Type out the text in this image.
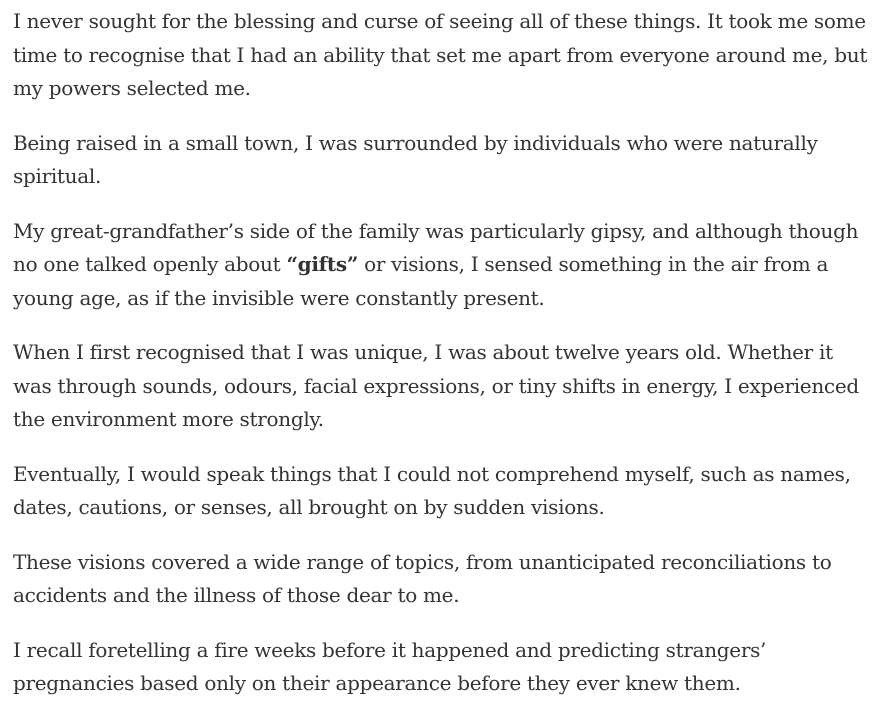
I never sought for the blessing and curse of seeing all of these things. It took me some time to recognise that I had an ability that set me apart from everyone around me, but my powers selected me.

Being raised in a small town, I was surrounded by individuals who were naturally spiritual.

My great-grandfather’s side of the family was particularly gipsy, and although though no one talked openly about “gifts” or visions, I sensed something in the air from a young age, as if the invisible were constantly present.

When I first recognised that I was unique, I was about twelve years old. Whether it was through sounds, odours, facial expressions, or tiny shifts in energy, I experienced the environment more strongly.

Eventually, I would speak things that I could not comprehend myself, such as names, dates, cautions, or senses, all brought on by sudden visions.

These visions covered a wide range of topics, from unanticipated reconciliations to accidents and the illness of those dear to me.

I recall foretelling a fire weeks before it happened and predicting strangers’ pregnancies based only on their appearance before they ever knew them.
